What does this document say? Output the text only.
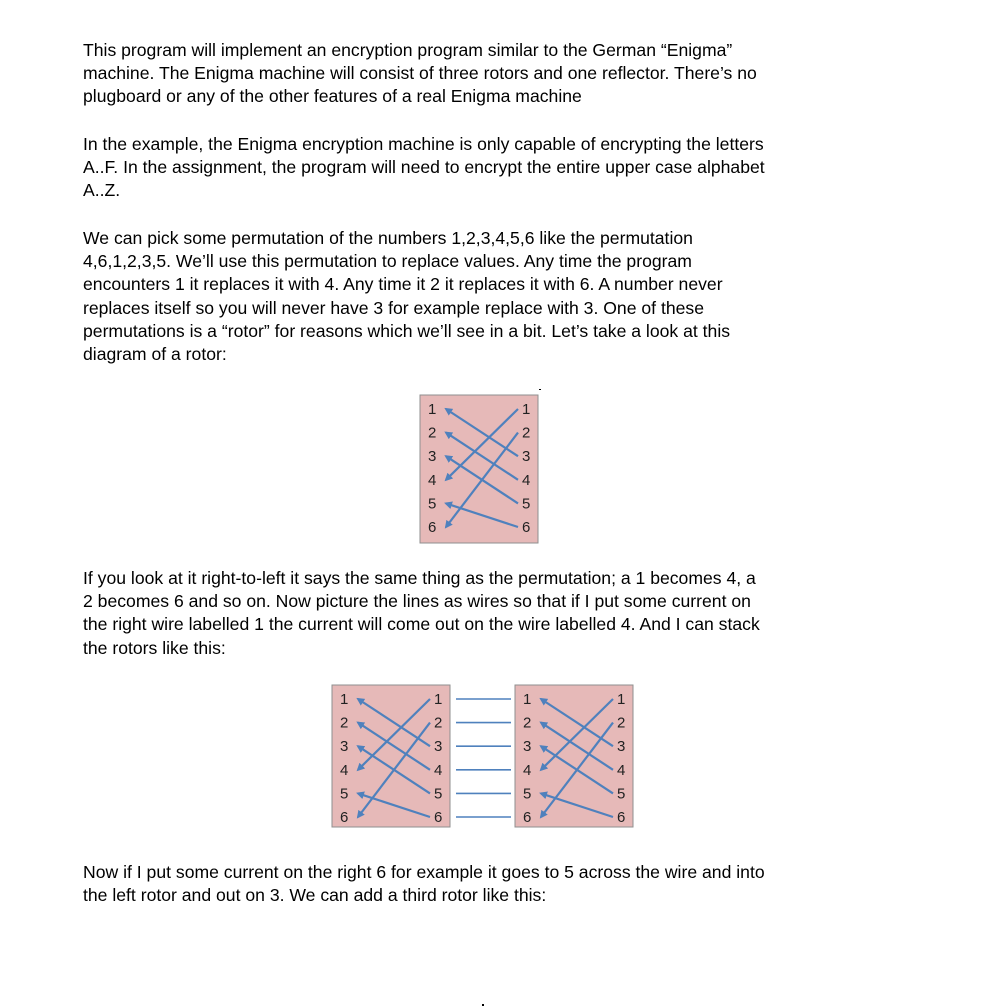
This program will implement an encryption program similar to the German “Enigma”
machine. The Enigma machine will consist of three rotors and one reflector. There’s no
plugboard or any of the other features of a real Enigma machine
In the example, the Enigma encryption machine is only capable of encrypting the letters
A..F. In the assignment, the program will need to encrypt the entire upper case alphabet
A..Z.
We can pick some permutation of the numbers 1,2,3,4,5,6 like the permutation
4,6,1,2,3,5. We’ll use this permutation to replace values. Any time the program
encounters 1 it replaces it with 4. Any time it 2 it replaces it with 6. A number never
replaces itself so you will never have 3 for example replace with 3. One of these
permutations is a “rotor” for reasons which we’ll see in a bit. Let’s take a look at this
diagram of a rotor:
1	1
2	2
3	3
4	4
5	5
6	6
If you look at it right-to-left it says the same thing as the permutation; a 1 becomes 4, a
2 becomes 6 and so on. Now picture the lines as wires so that if I put some current on
the right wire labelled 1 the current will come out on the wire labelled 4. And I can stack
the rotors like this:
1	1
2	2
3	3
4	4
5	5
6	6
1	1
2	2
3	3
4	4
5	5
6	6
Now if I put some current on the right 6 for example it goes to 5 across the wire and into
the left rotor and out on 3. We can add a third rotor like this:
